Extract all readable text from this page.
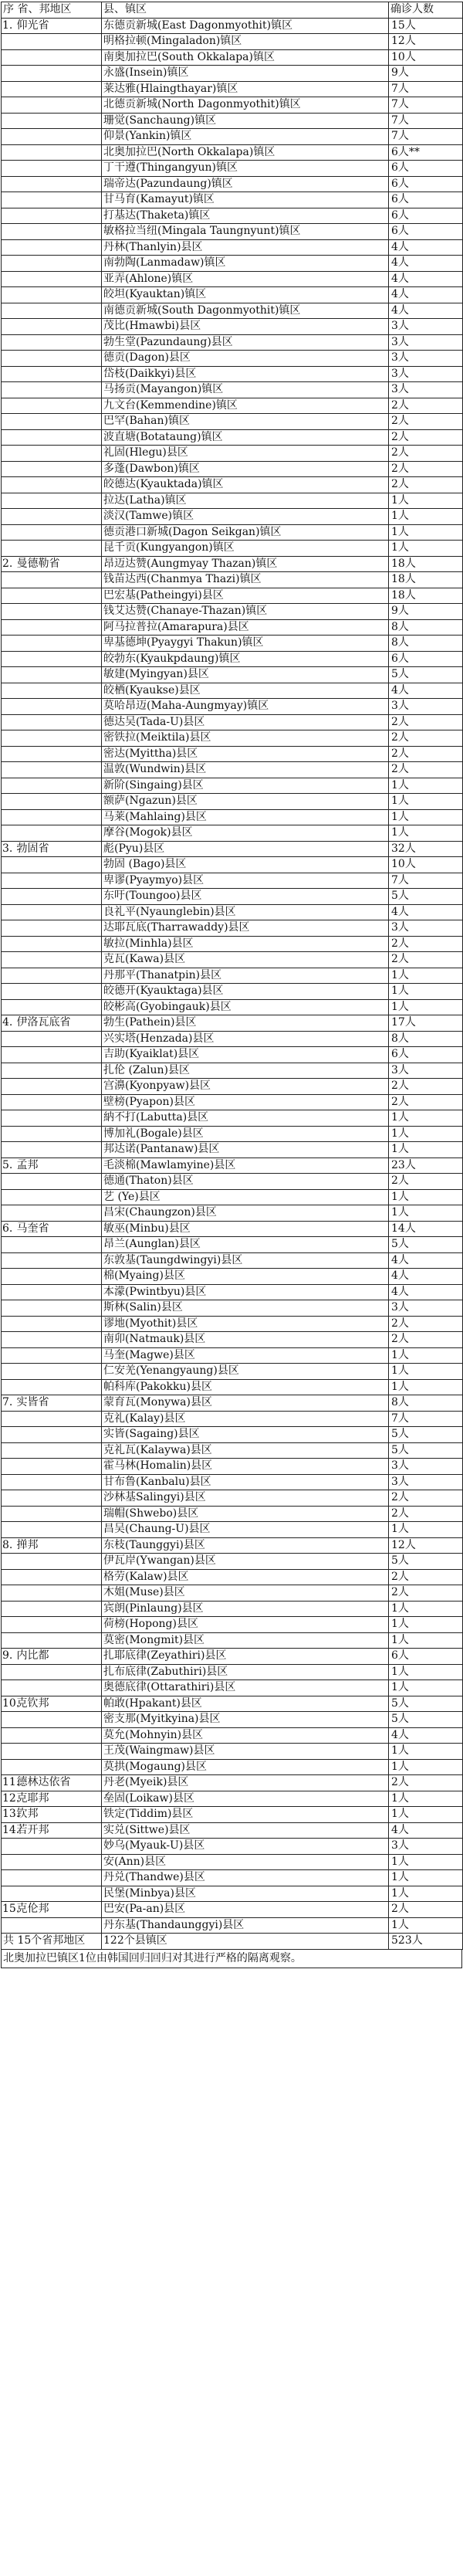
序 省、邦地区		县、镇区	确诊人数
1.	仰光省	东德贡新城(East Dagonmyothit)镇区	15人
		明格拉顿(Mingaladon)镇区	12人
		南奥加拉巴(South Okkalapa)镇区	10人
		永盛(Insein)镇区	9人
		莱达雅(Hlaingthayar)镇区	7人
		北德贡新城(North Dagonmyothit)镇区	7人
		珊觉(Sanchaung)镇区	7人
		仰景(Yankin)镇区	7人
		北奥加拉巴(North Okkalapa)镇区	6人**
		丁干遵(Thingangyun)镇区	6人
		瑞帝达(Pazundaung)镇区	6人
		甘马育(Kamayut)镇区	6人
		打基达(Thaketa)镇区	6人
		敏格拉当纽(Mingala Taungnyunt)镇区	6人
		丹林(Thanlyin)县区	4人
		南勃陶(Lanmadaw)镇区	4人
		亚弄(Ahlone)镇区	4人
		皎坦(Kyauktan)镇区	4人
		南德贡新城(South Dagonmyothit)镇区	4人
		茂比(Hmawbi)县区	3人
		勃生堂(Pazundaung)县区	3人
		德贡(Dagon)县区	3人
		岱枝(Daikkyi)县区	3人
		马扬贡(Mayangon)镇区	3人
		九文台(Kemmendine)镇区	2人
		巴罕(Bahan)镇区	2人
		波直塘(Botataung)镇区	2人
		礼固(Hlegu)县区	2人
		多蓬(Dawbon)镇区	2人
		皎德达(Kyauktada)镇区	2人
		拉达(Latha)镇区	1人
		淡汉(Tamwe)镇区	1人
		德贡港口新城(Dagon Seikgan)镇区	1人
		昆千贡(Kungyangon)镇区	1人
2.	曼德勒省	昂迈达赞(Aungmyay Thazan)镇区	18人
		钱苗达西(Chanmya Thazi)镇区	18人
		巴宏基(Patheingyi)县区	18人
		钱艾达赞(Chanaye-Thazan)镇区	9人
		阿马拉普拉(Amarapura)县区	8人
		卑基德坤(Pyaygyi Thakun)镇区	8人
		皎勃东(Kyaukpdaung)镇区	6人
		敏建(Myingyan)县区	5人
		皎栖(Kyaukse)县区	4人
		莫哈昂迈(Maha-Aungmyay)镇区	3人
		德达吴(Tada-U)县区	2人
		密铁拉(Meiktila)县区	2人
		密达(Myittha)县区	2人
		温敦(Wundwin)县区	2人
		新阶(Singaing)县区	1人
		额萨(Ngazun)县区	1人
		马莱(Mahlaing)县区	1人
		摩谷(Mogok)县区	1人
3.	勃固省	彪(Pyu)县区	32人
		勃固 (Bago)县区	10人
		卑谬(Pyaymyo)县区	7人
		东吁(Toungoo)县区	5人
		良礼平(Nyaunglebin)县区	4人
		达耶瓦底(Tharrawaddy)县区	3人
		敏拉(Minhla)县区	2人
		克瓦(Kawa)县区	2人
		丹那平(Thanatpin)县区	1人
		皎德开(Kyauktaga)县区	1人
		皎彬高(Gyobingauk)县区	1人
4.	伊洛瓦底省	勃生(Pathein)县区	17人
		兴实塔(Henzada)县区	8人
		吉助(Kyaiklat)县区	6人
		扎伦 (Zalun)县区	3人
		宫濞(Kyonpyaw)县区	2人
		壁榜(Pyapon)县区	2人
		納不打(Labutta)县区	1人
		博加礼(Bogale)县区	1人
		邦达诺(Pantanaw)县区	1人
5.	孟邦	毛淡棉(Mawlamyine)县区	23人
		德通(Thaton)县区	2人
		艺 (Ye)县区	1人
		昌宋(Chaungzon)县区	1人
6.	马奎省	敏巫(Minbu)县区	14人
		昂兰(Aunglan)县区	5人
		东敦基(Taungdwingyi)县区	4人
		棉(Myaing)县区	4人
		本濛(Pwintbyu)县区	4人
		斯林(Salin)县区	3人
		谬地(Myothit)县区	2人
		南卯(Natmauk)县区	2人
		马奎(Magwe)县区	1人
		仁安羌(Yenangyaung)县区	1人
		帕科库(Pakokku)县区	1人
7.	实皆省	蒙育瓦(Monywa)县区	8人
		克礼(Kalay)县区	7人
		实皆(Sagaing)县区	5人
		克礼瓦(Kalaywa)县区	5人
		霍马林(Homalin)县区	3人
		甘布鲁(Kanbalu)县区	3人
		沙林基Salingyi)县区	2人
		瑞帽(Shwebo)县区	2人
		昌吴(Chaung-U)县区	1人
8.	掸邦	东枝(Taunggyi)县区	12人
		伊瓦岸(Ywangan)县区	5人
		格劳(Kalaw)县区	2人
		木姐(Muse)县区	2人
		宾朗(Pinlaung)县区	1人
		荷榜(Hopong)县区	1人
		莫密(Mongmit)县区	1人
9.	内比都	扎耶底律(Zeyathiri)县区	6人
		扎布底律(Zabuthiri)县区	1人
		奥德底律(Ottarathiri)县区	1人
10.	克钦邦	帕敢(Hpakant)县区	5人
		密支那(Myitkyina)县区	5人
		莫允(Mohnyin)县区	4人
		王茂(Waingmaw)县区	1人
		莫拱(Mogaung)县区	1人
11.	德林达依省	丹老(Myeik)县区	2人
12.	克耶邦	垒固(Loikaw)县区	1人
13.	钦邦	铁定(Tiddim)县区	1人
14.	若开邦	实兑(Sittwe)县区	4人
		妙乌(Myauk-U)县区	3人
		安(Ann)县区	1人
		丹兑(Thandwe)县区	1人
		民堡(Minbya)县区	1人
15.	克伦邦	巴安(Pa-an)县区	2人
		丹东基(Thandaunggyi)县区	1人
共 15个省邦地区		122个县镇区	523人
北奥加拉巴镇区1位由韩国回归回归对其进行严格的隔离观察。
